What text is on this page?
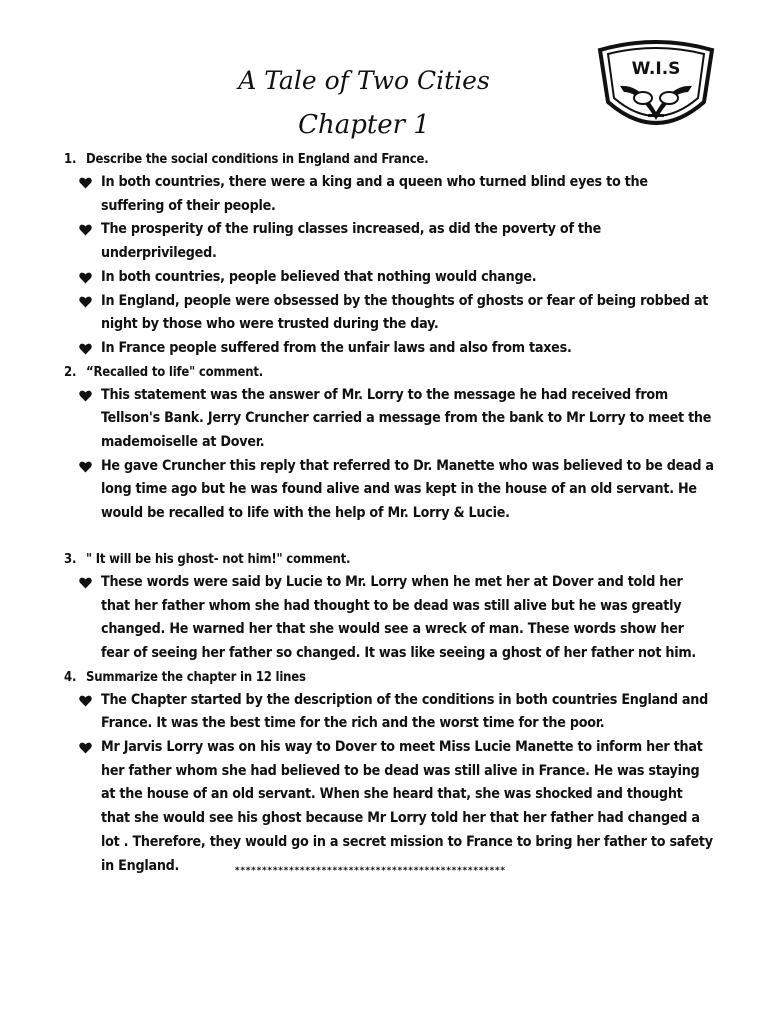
W.I.S
A Tale of Two Cities
Chapter 1
1. Describe the social conditions in England and France.
In both countries, there were a king and a queen who turned blind eyes to the suffering of their people.
The prosperity of the ruling classes increased, as did the poverty of the underprivileged.
In both countries, people believed that nothing would change.
In England, people were obsessed by the thoughts of ghosts or fear of being robbed at night by those who were trusted during the day.
In France people suffered from the unfair laws and also from taxes.
2. “Recalled to life" comment.
This statement was the answer of Mr. Lorry to the message he had received from Tellson's Bank. Jerry Cruncher carried a message from the bank to Mr Lorry to meet the mademoiselle at Dover.
He gave Cruncher this reply that referred to Dr. Manette who was believed to be dead a long time ago but he was found alive and was kept in the house of an old servant. He would be recalled to life with the help of Mr. Lorry & Lucie.
3. " It will be his ghost- not him!" comment.
These words were said by Lucie to Mr. Lorry when he met her at Dover and told her that her father whom she had thought to be dead was still alive but he was greatly changed. He warned her that she would see a wreck of man. These words show her fear of seeing her father so changed. It was like seeing a ghost of her father not him.
4. Summarize the chapter in 12 lines
The Chapter started by the description of the conditions in both countries England and France. It was the best time for the rich and the worst time for the poor.
Mr Jarvis Lorry was on his way to Dover to meet Miss Lucie Manette to inform her that her father whom she had believed to be dead was still alive in France. He was staying at the house of an old servant. When she heard that, she was shocked and thought that she would see his ghost because Mr Lorry told her that her father had changed a lot . Therefore, they would go in a secret mission to France to bring her father to safety in England.	**************************************************
